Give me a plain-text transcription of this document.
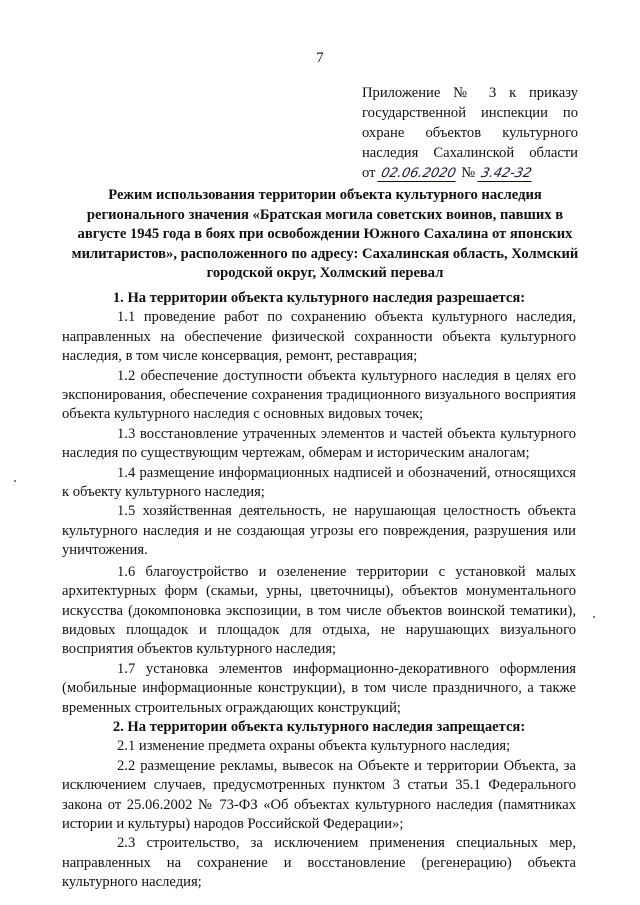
7
Приложение № 3 к приказу
государственной инспекции по
охране объектов культурного
наследия Сахалинской области
от 02.06.2020 № 3.42-32
Режим использования территории объекта культурного наследия регионального значения «Братская могила советских воинов, павших в августе 1945 года в боях при освобождении Южного Сахалина от японских милитаристов», расположенного по адресу: Сахалинская область, Холмский городской округ, Холмский перевал

1. На территории объекта культурного наследия разрешается:

1.1 проведение работ по сохранению объекта культурного наследия, направленных на обеспечение физической сохранности объекта культурного наследия, в том числе консервация, ремонт, реставрация;

1.2 обеспечение доступности объекта культурного наследия в целях его экспонирования, обеспечение сохранения традиционного визуального восприятия объекта культурного наследия с основных видовых точек;

1.3 восстановление утраченных элементов и частей объекта культурного наследия по существующим чертежам, обмерам и историческим аналогам;

1.4 размещение информационных надписей и обозначений, относящихся к объекту культурного наследия;

1.5 хозяйственная деятельность, не нарушающая целостность объекта культурного наследия и не создающая угрозы его повреждения, разрушения или уничтожения.

1.6 благоустройство и озеленение территории с установкой малых архитектурных форм (скамьи, урны, цветочницы), объектов монументального искусства (докомпоновка экспозиции, в том числе объектов воинской тематики), видовых площадок и площадок для отдыха, не нарушающих визуального восприятия объектов культурного наследия;

1.7 установка элементов информационно-декоративного оформления (мобильные информационные конструкции), в том числе праздничного, а также временных строительных ограждающих конструкций;

2. На территории объекта культурного наследия запрещается:

2.1 изменение предмета охраны объекта культурного наследия;

2.2 размещение рекламы, вывесок на Объекте и территории Объекта, за исключением случаев, предусмотренных пунктом 3 статьи 35.1 Федерального закона от 25.06.2002 № 73-ФЗ «Об объектах культурного наследия (памятниках истории и культуры) народов Российской Федерации»;

2.3 строительство, за исключением применения специальных мер, направленных на сохранение и восстановление (регенерацию) объекта культурного наследия;
